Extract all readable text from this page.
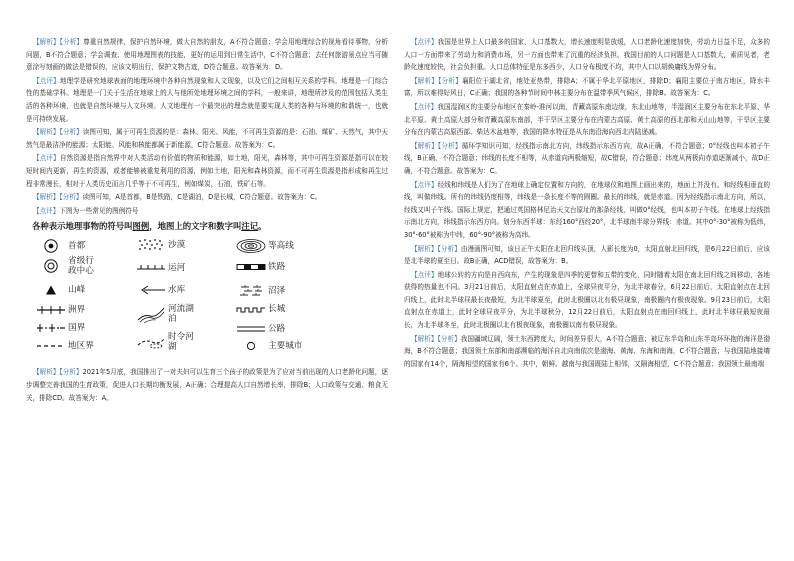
【解析】【分析】尊重自然规律，保护自然环境，做大自然的朋友，A不符合题意；学会用地理综合的视角看待事物，分析问题，B不符合题意；学会调查、使用地理图表的技能，更好的运用到日常生活中，C不符合题意；去任何旅游景点应当可随意涂写刻画的做法是错误的，应该文明出行，保护文物古迹，D符合题意。故答案为：D。

【点评】地理学是研究地球表面的地理环境中各种自然现象和人文现象，以及它们之间相互关系的学科。地理是一门综合性的基础学科。地理是一门关于生活在地球上的人与他所处地理环境之间的学科，一般来讲，地理所涉及的范围包括人类生活的各种环境，也就是自然环境与人文环境。人文地理有一个最突出的理念就是要实现人类的各种与环境的和谐统一，也就是可持续发展。

【解析】【分析】读图可知，属于可再生资源的是：森林、阳光、风能，不可再生资源的是：石油、煤矿、天然气，其中天然气是最洁净的能源；太阳能、风能和核能都属于新能源，C符合题意。故答案为：C。

【点评】自然资源是指自然界中对人类活动有价值的物质和能源，如土地，阳光，森林等，其中可再生资源是指可以在较短时间内更新，再生的资源，或者能够被重复利用的资源，例如土地，阳光和森林资源，而不可再生资源是指形成和再生过程非常漫长，相对于人类历史而言几乎等于不可再生，例如煤炭，石油，铁矿石等。

【解析】【分析】读图可知，A是首都，B是铁路，C是湖泊，D是长城，C符合题意。故答案为：C。

【点评】下图为一些常见的图例符号

各种表示地理事物的符号叫图例，地图上的文字和数字叫注记。
首都
省级行政中心
山峰
洲界
国界
地区界
沙漠
运河
水库
河流湖泊
时令河湖
等高线
铁路
沼泽
长城
公路
主要城市

【解析】【分析】2021年5月底，我国推出了一对夫妇可以生育三个孩子的政策是为了应对当前出现的人口老龄化问题，逐步调整完善我国的生育政策，促进人口长期均衡发展，A正确；合理提高人口自然增长率，排除B；人口政策与交通、粮食无关，排除CD。故答案为：A。

【点评】我国是世界上人口最多的国家，人口基数大，增长速度明显放缓，人口老龄化速度加快，劳动力日益不足，众多的人口一方面带来了劳动力和消费市场，另一方面也带来了沉重的经济负担。我国目前的人口问题是人口基数大，素质见者，老龄化速度较快，社会负担重。人口总体特征是东多西少，人口分布极度不均，其中人口以胡焕庸线为界分布。

【解析】【分析】襄阳位于湖北省，地处亚热带，排除A；不属于华北平原地区，排除D；襄阳主要位于南方地区，降水丰富，所以难得好风日，C正确；我国的各种节时间中林主要分布在温带季风气候区，排除B。故答案为：C。

【点评】我国湿润区的主要分布地区在秦岭-淮河以南，青藏高原东南边缘，东北山地等，半湿润区主要分布在东北平原、华北平原、黄土高原大部分和青藏高原东南部，半干旱区主要分布在内蒙古高原、黄土高原的西北部和天山山地等，干旱区主要分布在内蒙古高原西部、柴达木盆地等，我国的降水特征是从东南沿海向西北内陆递减。

【解析】【分析】循环学知识可知，经线指示南北方向，纬线指示东西方向，故A正确，不符合题意；0°经线也叫本初子午线，B正确，不符合题意；纬线的长度不相等，从赤道向两极缩短，故C错误，符合题意；纬度从两极向赤道逐渐减小，故D正确，不符合题意。故答案为：C。

【点评】经线和纬线是人们为了在地球上确定位置和方向的，在地球仪和地图上画出来的，地面上并没有。和经线相垂直的线，叫做纬线。所有的纬线仍度相等，纬线是一条长度不等的圆圈。最长的纬线，就是赤道。因为经线指示南北方向，所以，经线又叫子午线。国际上规定，把通过英国格林尼治天文台原址的那条经线，叫做0°经线，也叫本初子午线。在地球上经线指示南北方向，纬线指示东西方向。划分东西半球：东经160°西经20°，北半球南半球分界线：赤道。其中0°-30°被称为低纬，30°-60°被称为中纬，60°-90°被称为高纬。

【解析】【分析】由漫画图可知，该日正午太阳在北回归线头顶，人影长度为0，太阳直射北回归线，是6月22日前后，应该是北半球的夏至日。故B正确，ACD错误，故答案为：B。

【点评】地球公转的方向是自西向东，产生的现象是四季的更替和五带的变化，同时随着太阳在南北回归线之间移动，各地获得的热量也不同。3月21日前后，太阳直射点在赤道上，全球昼夜平分，为北半球春分，6月22日前后，太阳直射点在北回归线上，此时北半球昼最长夜最短，为北半球夏至，此时北极圈以北有极昼现象，南极圈内有极夜现象。9月23日前后，太阳直射点在赤道上，此时全球昼夜平分，为北半球秋分，12月22日前后，太阳直射点在南回归线上，此时北半球昼最短夜最长，为北半球冬至，此时北极圈以北有极夜现象，南极圈以南有极昼现象。

【解析】【分析】我国疆域辽阔，领土东西跨度大，时间差异很大，A不符合题意；被辽东半岛和山东半岛环环抱的海洋是渤海，B不符合题意；我国领土东部和南部濒临的海洋自北向南依次是渤海、黄海、东海和南海，C不符合题意；与我国陆地接壤的国家有14个，隔海相望的国家有6个。其中，朝鲜、越南与我国既陆上相邻，又隔海相望，C不符合题意；我国领土最南端
